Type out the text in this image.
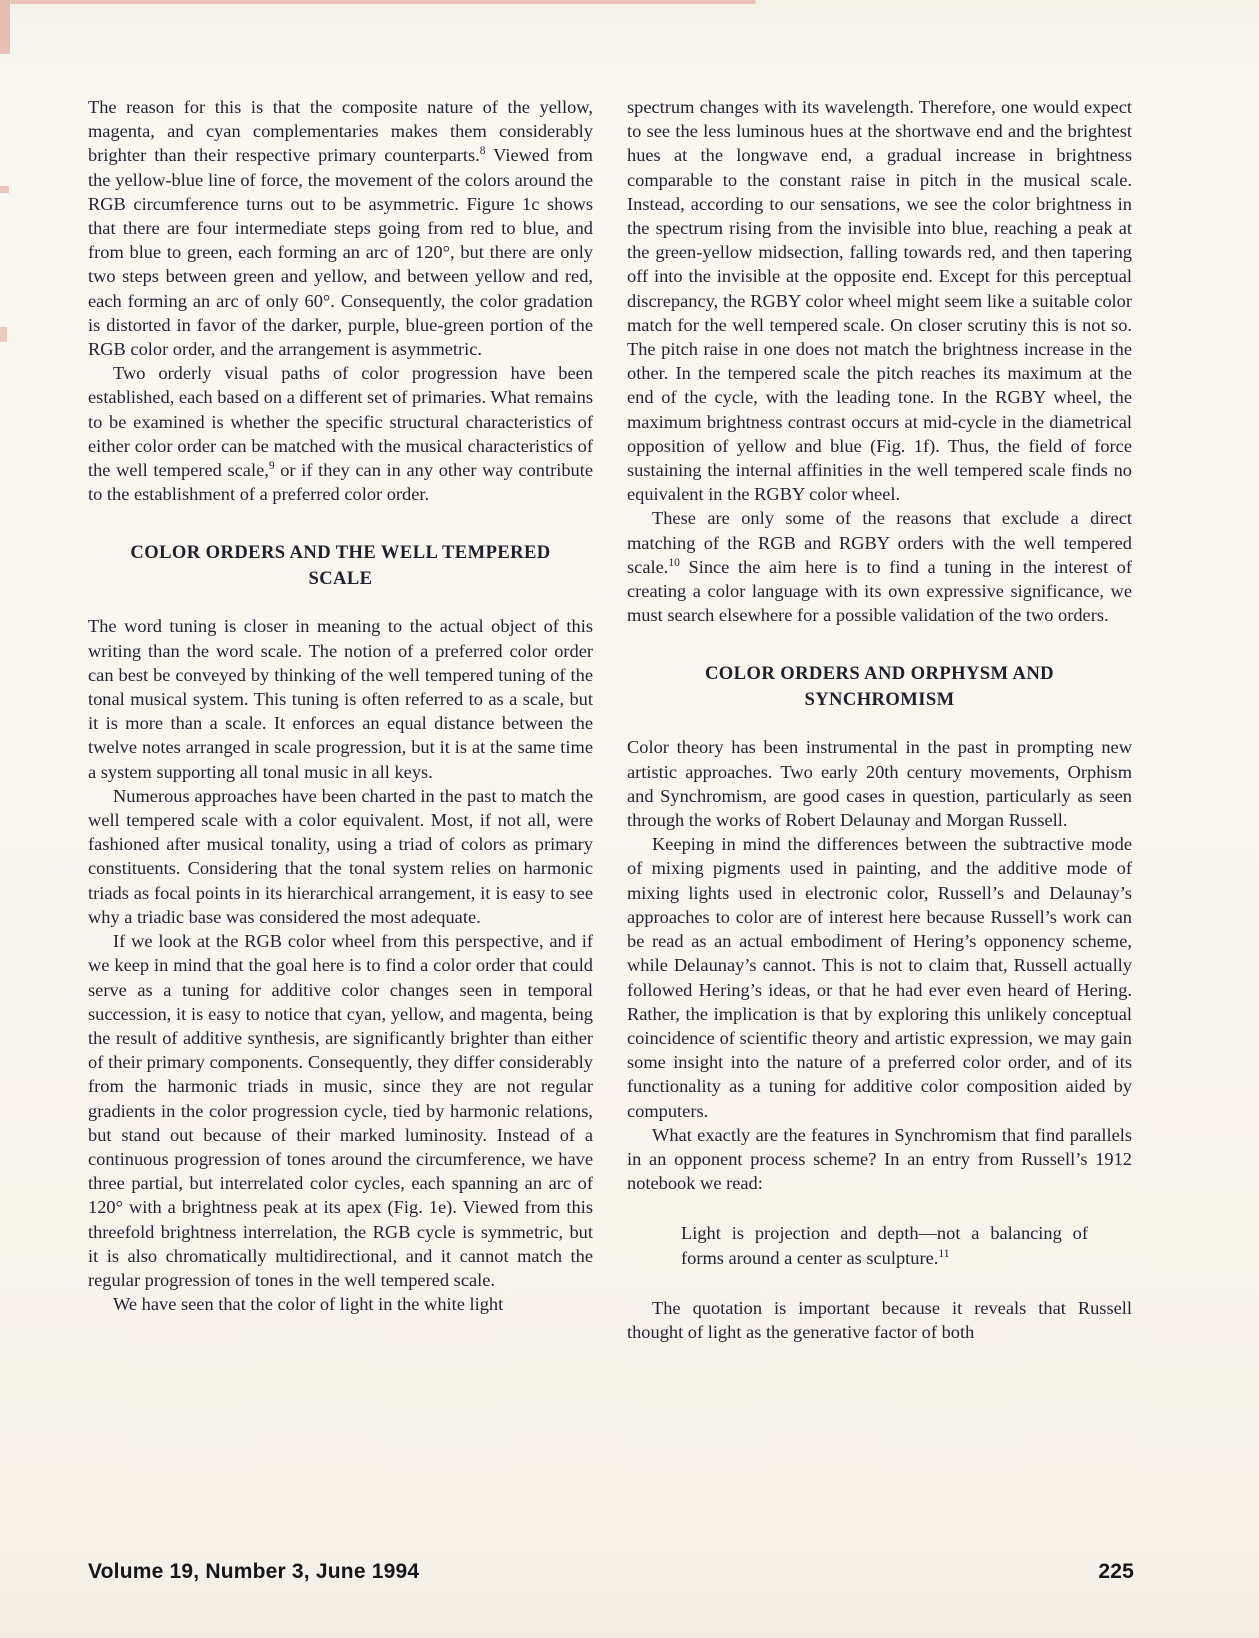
The reason for this is that the composite nature of the yellow, magenta, and cyan complementaries makes them considerably brighter than their respective primary counterparts.$^8$ Viewed from the yellow-blue line of force, the movement of the colors around the RGB circumference turns out to be asymmetric. Figure 1c shows that there are four intermediate steps going from red to blue, and from blue to green, each forming an arc of 120°, but there are only two steps between green and yellow, and between yellow and red, each forming an arc of only 60°. Consequently, the color gradation is distorted in favor of the darker, purple, blue-green portion of the RGB color order, and the arrangement is asymmetric.

Two orderly visual paths of color progression have been established, each based on a different set of primaries. What remains to be examined is whether the specific structural characteristics of either color order can be matched with the musical characteristics of the well tempered scale,$^9$ or if they can in any other way contribute to the establishment of a preferred color order.

COLOR ORDERS AND THE WELL TEMPERED
SCALE

The word tuning is closer in meaning to the actual object of this writing than the word scale. The notion of a preferred color order can best be conveyed by thinking of the well tempered tuning of the tonal musical system. This tuning is often referred to as a scale, but it is more than a scale. It enforces an equal distance between the twelve notes arranged in scale progression, but it is at the same time a system supporting all tonal music in all keys.

Numerous approaches have been charted in the past to match the well tempered scale with a color equivalent. Most, if not all, were fashioned after musical tonality, using a triad of colors as primary constituents. Considering that the tonal system relies on harmonic triads as focal points in its hierarchical arrangement, it is easy to see why a triadic base was considered the most adequate.

If we look at the RGB color wheel from this perspective, and if we keep in mind that the goal here is to find a color order that could serve as a tuning for additive color changes seen in temporal succession, it is easy to notice that cyan, yellow, and magenta, being the result of additive synthesis, are significantly brighter than either of their primary components. Consequently, they differ considerably from the harmonic triads in music, since they are not regular gradients in the color progression cycle, tied by harmonic relations, but stand out because of their marked luminosity. Instead of a continuous progression of tones around the circumference, we have three partial, but interrelated color cycles, each spanning an arc of 120° with a brightness peak at its apex (Fig. 1e). Viewed from this threefold brightness interrelation, the RGB cycle is symmetric, but it is also chromatically multidirectional, and it cannot match the regular progression of tones in the well tempered scale.

We have seen that the color of light in the white light

spectrum changes with its wavelength. Therefore, one would expect to see the less luminous hues at the shortwave end and the brightest hues at the longwave end, a gradual increase in brightness comparable to the constant raise in pitch in the musical scale. Instead, according to our sensations, we see the color brightness in the spectrum rising from the invisible into blue, reaching a peak at the green-yellow midsection, falling towards red, and then tapering off into the invisible at the opposite end. Except for this perceptual discrepancy, the RGBY color wheel might seem like a suitable color match for the well tempered scale. On closer scrutiny this is not so. The pitch raise in one does not match the brightness increase in the other. In the tempered scale the pitch reaches its maximum at the end of the cycle, with the leading tone. In the RGBY wheel, the maximum brightness contrast occurs at mid-cycle in the diametrical opposition of yellow and blue (Fig. 1f). Thus, the field of force sustaining the internal affinities in the well tempered scale finds no equivalent in the RGBY color wheel.

These are only some of the reasons that exclude a direct matching of the RGB and RGBY orders with the well tempered scale.$^{10}$ Since the aim here is to find a tuning in the interest of creating a color language with its own expressive significance, we must search elsewhere for a possible validation of the two orders.

COLOR ORDERS AND ORPHYSM AND
SYNCHROMISM

Color theory has been instrumental in the past in prompting new artistic approaches. Two early 20th century movements, Orphism and Synchromism, are good cases in question, particularly as seen through the works of Robert Delaunay and Morgan Russell.

Keeping in mind the differences between the subtractive mode of mixing pigments used in painting, and the additive mode of mixing lights used in electronic color, Russell’s and Delaunay’s approaches to color are of interest here because Russell’s work can be read as an actual embodiment of Hering’s opponency scheme, while Delaunay’s cannot. This is not to claim that, Russell actually followed Hering’s ideas, or that he had ever even heard of Hering. Rather, the implication is that by exploring this unlikely conceptual coincidence of scientific theory and artistic expression, we may gain some insight into the nature of a preferred color order, and of its functionality as a tuning for additive color composition aided by computers.

What exactly are the features in Synchromism that find parallels in an opponent process scheme? In an entry from Russell’s 1912 notebook we read:

Light is projection and depth—not a balancing of forms around a center as sculpture.$^{11}$

The quotation is important because it reveals that Russell thought of light as the generative factor of both

Volume 19, Number 3, June 1994	225
